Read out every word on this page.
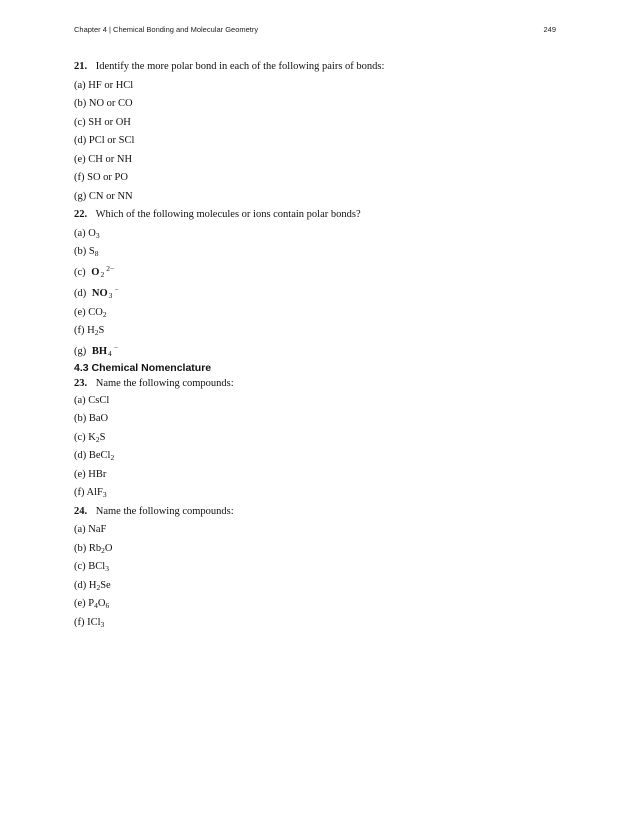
Chapter 4 | Chemical Bonding and Molecular Geometry	249
21. Identify the more polar bond in each of the following pairs of bonds:
(a) HF or HCl
(b) NO or CO
(c) SH or OH
(d) PCl or SCl
(e) CH or NH
(f) SO or PO
(g) CN or NN
22. Which of the following molecules or ions contain polar bonds?
(a) $O_3$
(b) $S_8$
(c) $O_2^{2-}$
(d) $NO_3^-$
(e) $CO_2$
(f) $H_2S$
(g) $BH_4^-$
4.3 Chemical Nomenclature
23. Name the following compounds:
(a) CsCl
(b) BaO
(c) $K_2S$
(d) BeCl$_2$
(e) HBr
(f) AlF$_3$
24. Name the following compounds:
(a) NaF
(b) $Rb_2O$
(c) BCl$_3$
(d) $H_2Se$
(e) $P_4O_6$
(f) ICl$_3$
